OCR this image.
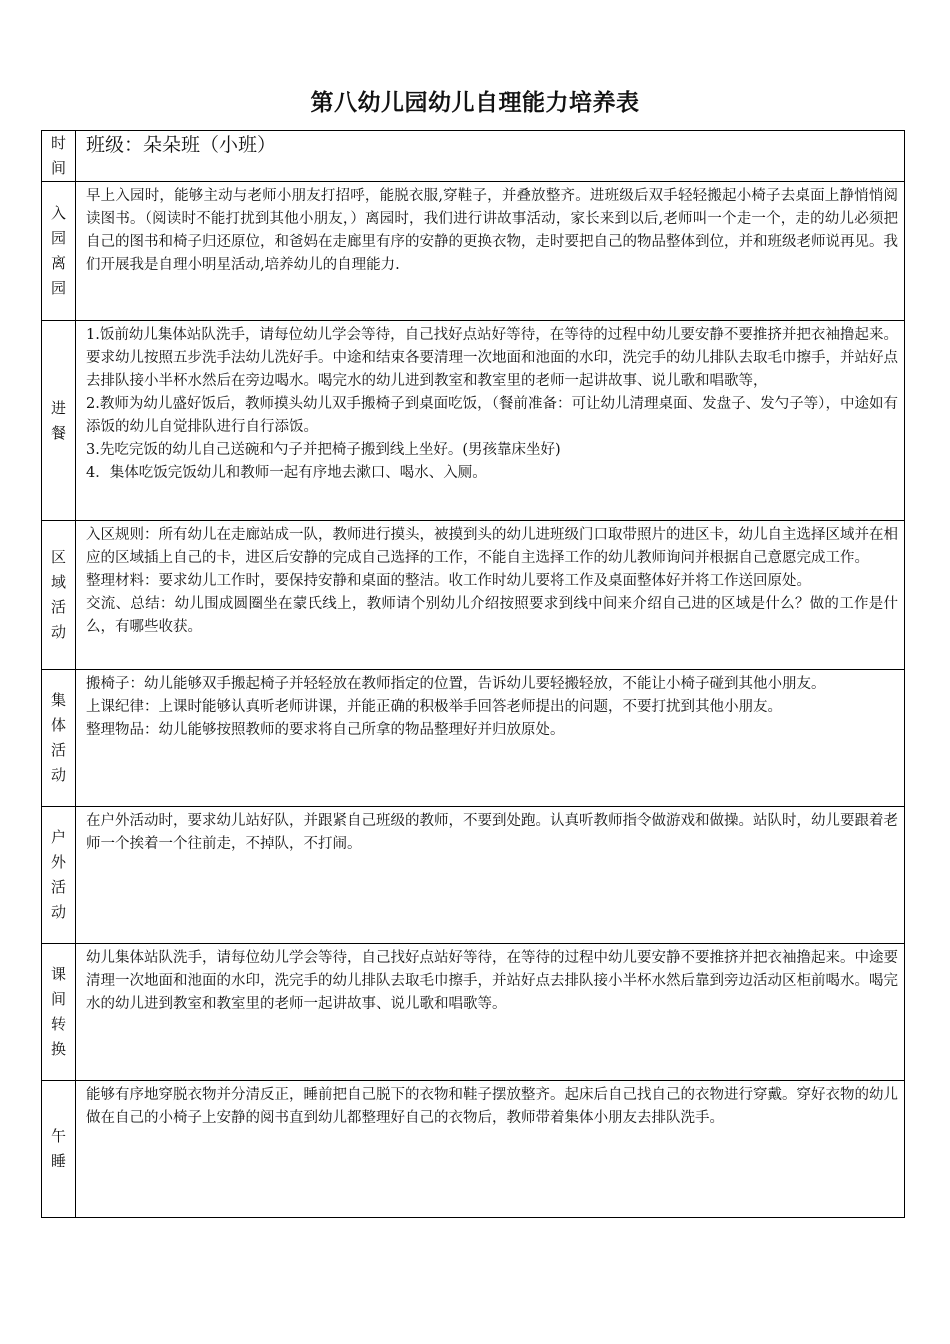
第八幼儿园幼儿自理能力培养表
时间	班级：朵朵班（小班）

入园离园	早上入园时，能够主动与老师小朋友打招呼，能脱衣服,穿鞋子，并叠放整齐。进班级后双手轻轻搬起小椅子去桌面上静悄悄阅读图书。（阅读时不能打扰到其他小朋友，）离园时，我们进行讲故事活动，家长来到以后,老师叫一个走一个，走的幼儿必须把自己的图书和椅子归还原位，和爸妈在走廊里有序的安静的更换衣物，走时要把自己的物品整体到位，并和班级老师说再见。我们开展我是自理小明星活动,培养幼儿的自理能力.

进餐	1.饭前幼儿集体站队洗手，请每位幼儿学会等待，自己找好点站好等待，在等待的过程中幼儿要安静不要推挤并把衣袖撸起来。要求幼儿按照五步洗手法幼儿洗好手。中途和结束各要清理一次地面和池面的水印，洗完手的幼儿排队去取毛巾擦手，并站好点去排队接小半杯水然后在旁边喝水。喝完水的幼儿进到教室和教室里的老师一起讲故事、说儿歌和唱歌等，

2.教师为幼儿盛好饭后，教师摸头幼儿双手搬椅子到桌面吃饭，（餐前准备：可让幼儿清理桌面、发盘子、发勺子等），中途如有添饭的幼儿自觉排队进行自行添饭。

3.先吃完饭的幼儿自己送碗和勺子并把椅子搬到线上坐好。(男孩靠床坐好)

4．集体吃饭完饭幼儿和教师一起有序地去漱口、喝水、入厕。

区域活动	入区规则：所有幼儿在走廊站成一队，教师进行摸头，被摸到头的幼儿进班级门口取带照片的进区卡，幼儿自主选择区域并在相应的区域插上自己的卡，进区后安静的完成自己选择的工作，不能自主选择工作的幼儿教师询问并根据自己意愿完成工作。

整理材料：要求幼儿工作时，要保持安静和桌面的整洁。收工作时幼儿要将工作及桌面整体好并将工作送回原处。

交流、总结：幼儿围成圆圈坐在蒙氏线上，教师请个别幼儿介绍按照要求到线中间来介绍自己进的区域是什么？做的工作是什么，有哪些收获。

集体活动	搬椅子：幼儿能够双手搬起椅子并轻轻放在教师指定的位置，告诉幼儿要轻搬轻放，不能让小椅子碰到其他小朋友。

上课纪律：上课时能够认真听老师讲课，并能正确的积极举手回答老师提出的问题，不要打扰到其他小朋友。

整理物品：幼儿能够按照教师的要求将自己所拿的物品整理好并归放原处。

户外活动	在户外活动时，要求幼儿站好队，并跟紧自己班级的教师，不要到处跑。认真听教师指令做游戏和做操。站队时，幼儿要跟着老师一个挨着一个往前走，不掉队，不打闹。

课间转换	幼儿集体站队洗手，请每位幼儿学会等待，自己找好点站好等待，在等待的过程中幼儿要安静不要推挤并把衣袖撸起来。中途要清理一次地面和池面的水印，洗完手的幼儿排队去取毛巾擦手，并站好点去排队接小半杯水然后靠到旁边活动区柜前喝水。喝完水的幼儿进到教室和教室里的老师一起讲故事、说儿歌和唱歌等。

午睡	能够有序地穿脱衣物并分清反正，睡前把自己脱下的衣物和鞋子摆放整齐。起床后自己找自己的衣物进行穿戴。穿好衣物的幼儿做在自己的小椅子上安静的阅书直到幼儿都整理好自己的衣物后，教师带着集体小朋友去排队洗手。
